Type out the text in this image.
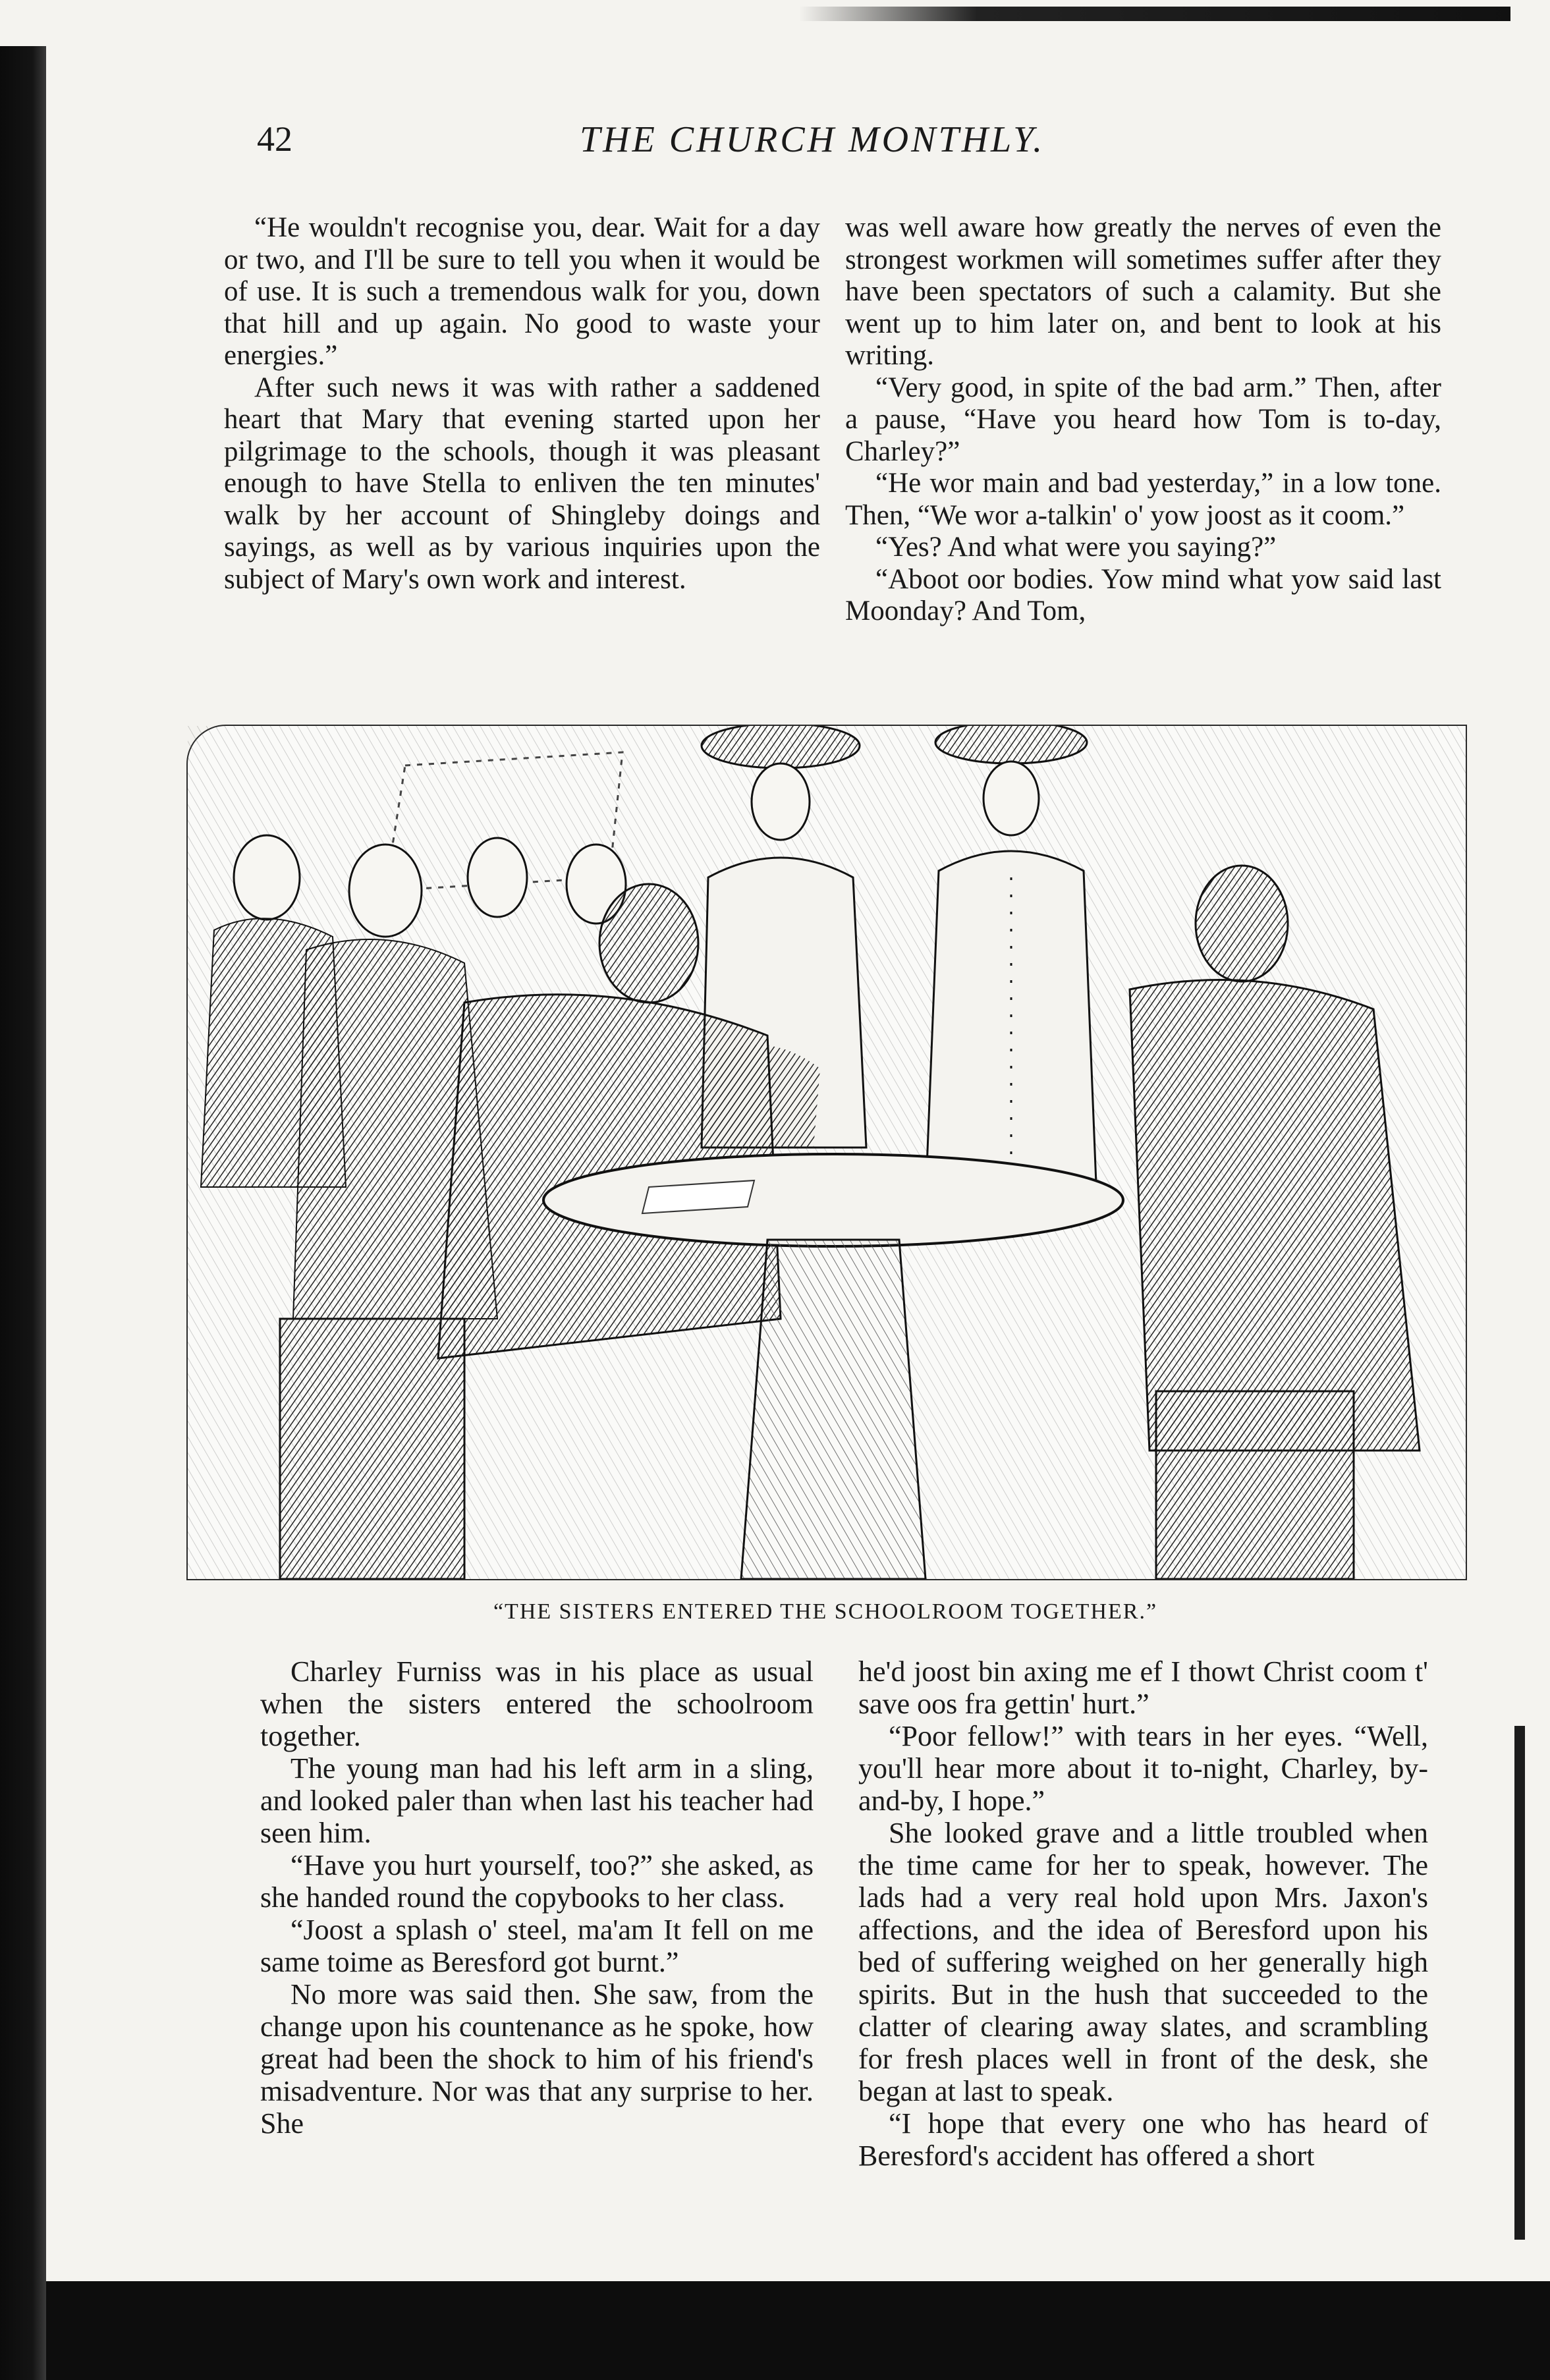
42	THE CHURCH MONTHLY.

“He wouldn't recognise you, dear. Wait for a day or two, and I'll be sure to tell you when it would be of use. It is such a tremendous walk for you, down that hill and up again. No good to waste your energies.”

After such news it was with rather a saddened heart that Mary that evening started upon her pilgrimage to the schools, though it was pleasant enough to have Stella to enliven the ten minutes' walk by her account of Shingleby doings and sayings, as well as by various inquiries upon the subject of Mary's own work and interest.

was well aware how greatly the nerves of even the strongest workmen will sometimes suffer after they have been spectators of such a calamity. But she went up to him later on, and bent to look at his writing.

“Very good, in spite of the bad arm.” Then, after a pause, “Have you heard how Tom is to-day, Charley?”

“He wor main and bad yesterday,” in a low tone. Then, “We wor a-talkin' o' yow joost as it coom.”

“Yes? And what were you saying?”

“Aboot oor bodies. Yow mind what yow said last Moonday? And Tom,

“THE SISTERS ENTERED THE SCHOOLROOM TOGETHER.”

Charley Furniss was in his place as usual when the sisters entered the schoolroom together.

The young man had his left arm in a sling, and looked paler than when last his teacher had seen him.

“Have you hurt yourself, too?” she asked, as she handed round the copybooks to her class.

“Joost a splash o' steel, ma'am It fell on me same toime as Beresford got burnt.”

No more was said then. She saw, from the change upon his countenance as he spoke, how great had been the shock to him of his friend's misadventure. Nor was that any surprise to her. She

he'd joost bin axing me ef I thowt Christ coom t' save oos fra gettin' hurt.”

“Poor fellow!” with tears in her eyes. “Well, you'll hear more about it to-night, Charley, by-and-by, I hope.”

She looked grave and a little troubled when the time came for her to speak, however. The lads had a very real hold upon Mrs. Jaxon's affections, and the idea of Beresford upon his bed of suffering weighed on her generally high spirits. But in the hush that succeeded to the clatter of clearing away slates, and scrambling for fresh places well in front of the desk, she began at last to speak.

“I hope that every one who has heard of Beresford's accident has offered a short
